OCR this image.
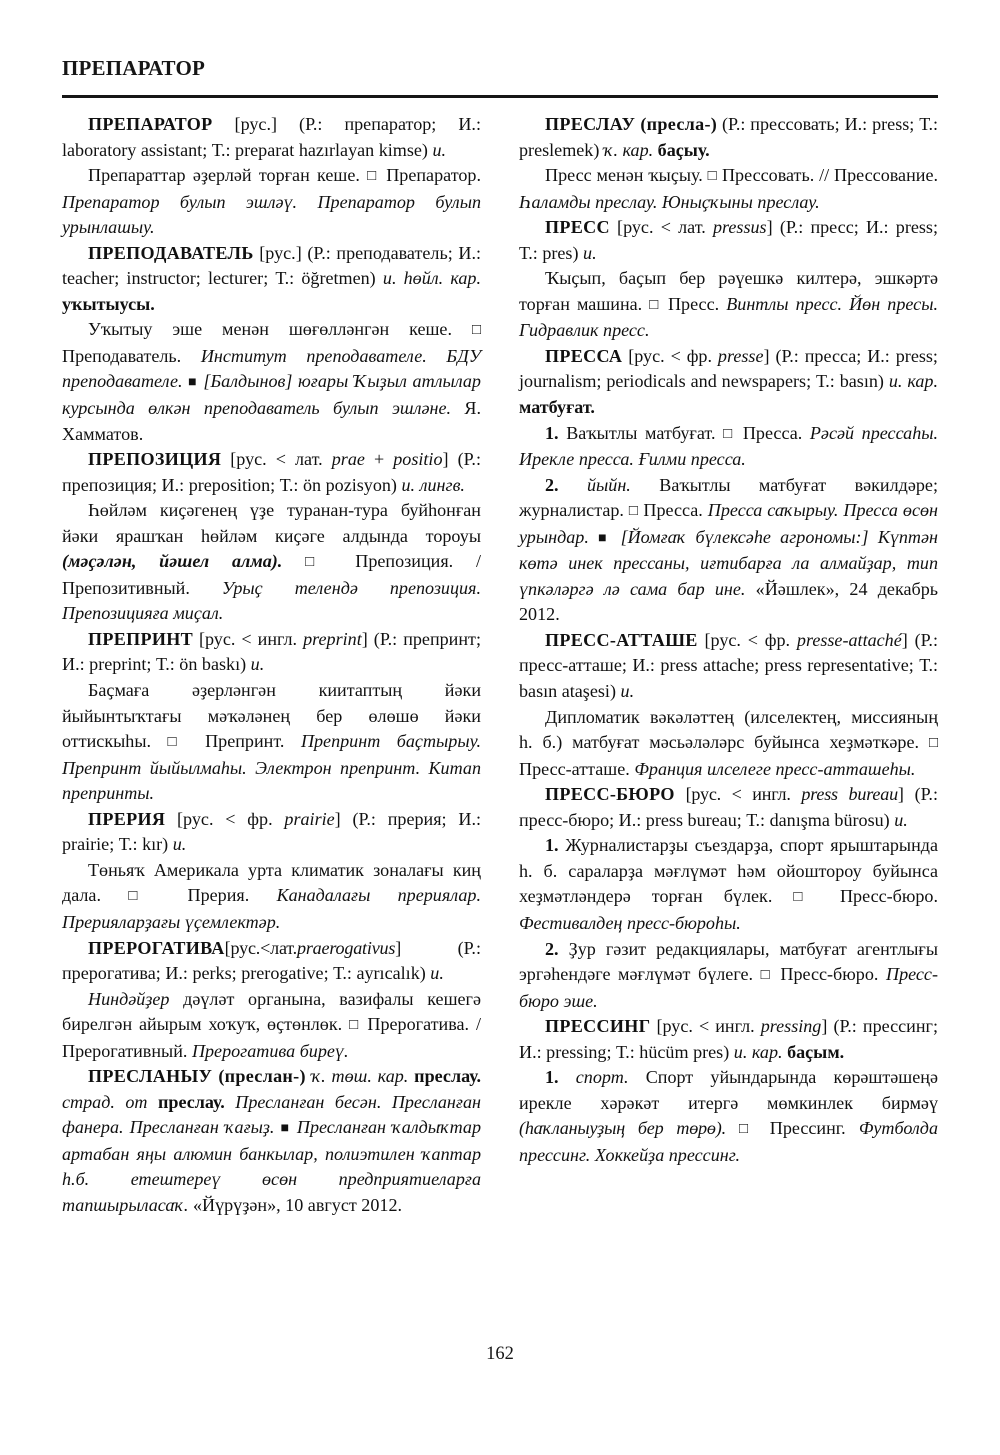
ПРЕПАРАТОР

ПРЕПАРАТОР [рус.] (Р.: препаратор; И.: laboratory assistant; Т.: preparat hazırlayan kimse) и.

Препараттар әҙерләй торған кеше. □ Препаратор. Препаратор булып эшләү. Препаратор булып урынлашыу.

ПРЕПОДАВАТЕЛЬ [рус.] (Р.: преподаватель; И.: teacher; instructor; lecturer; Т.: öğretmen) и. һөйл. кар. уҡытыусы.

Уҡытыу эше менән шөғөлләнгән кеше. □ Преподаватель. Институт преподавателе. БДУ преподавателе. ■ [Балдынов] юғары Ҡыҙыл атлылар курсында өлкән преподаватель булып эшләне. Я. Хамматов.

ПРЕПОЗИЦИЯ [рус. < лат. prae + positio] (Р.: препозиция; И.: preposition; Т.: ön pozisyon) и. лингв.

Һөйләм киҫәгенең үҙе туранан-тура буйһонған йәки ярашҡан һөйләм киҫәге алдында тороуы (мәҫәлән, йәшел алма). □	Препозиция. / Препозитивный. Урыҫ телендә препозиция. Препозицияға миҫал.

ПРЕПРИНТ [рус. < ингл. preprint] (Р.: препринт; И.: preprint; Т.: ön baskı) и.

Баҫмаға әҙерләнгән киитаптың йәки йыйынтыҡтағы мәҡәләнең бер өлөшө йәки оттискыһы. □	Препринт. Препринт баҫтырыу. Препринт йыйылмаһы. Электрон препринт. Китап препринты.

ПРЕРИЯ [рус. < фр. prairie] (Р.: прерия; И.: prairie; Т.: kır) и.

Төньяҡ Америкала урта климатик зоналағы киң дала. □	Прерия. Канадалағы прериялар. Прерияларҙағы үҫемлектәр.

ПРЕРОГАТИВА[рус.<лат.praerogativus]	(Р.: прерогатива; И.: perks; prerogative; Т.: ayrıcalık) и.

Ниндәйҙер дәүләт органына, вазифалы кешегә бирелгән айырым хоҡуҡ, өҫтөнлөк. □ Прерогатива. / Прерогативный. Прерогатива биреү.

ПРЕСЛАНЫУ (преслан-) ҡ. төш. кар. преслау. страд. от преслау. Пресланған бесән. Пресланған фанера. Пресланған ҡағыҙ. ■ Пресланған ҡалдыҡтар артабан яңы алюмин банкылар, полиэтилен ҡаптар һ.б. етештереү өсөн предприятиеларға тапшырыласаҡ. «Йүрүҙән», 10 август 2012.

ПРЕСЛАУ (пресла-) (Р.: прессовать; И.: press; Т.: preslemek) ҡ. кар. баҫыу.

Пресс менән ҡыҫыу. □ Прессовать. // Прессование. Һаламды преслау. Юныҫҡыны преслау.

ПРЕСС [рус. < лат. pressus] (Р.: пресс; И.: press; Т.: pres) и.

Ҡыҫып, баҫып бер рәүешкә килтерә, эшкәртә торған машина. □ Пресс. Винтлы пресс. Йөн пресы. Гидравлик пресс.

ПРЕССА [рус. < фр. presse] (Р.: пресса; И.: press; journalism; periodicals and newspapers; Т.: basın) и. кар. матбуғат.

1. Ваҡытлы матбуғат. □ Пресса. Рәсәй прессаһы. Ирекле пресса. Ғилми пресса.

2. йыйн. Ваҡытлы матбуғат вәкилдәре; журналистар. □ Пресса. Пресса саҡырыу. Пресса өсөн урындар. ■ [Йомғаҡ бүлексәһе агрономы:] Күптән көтә инек прессаны, иғтибарға ла алмайҙар, тип үпкәләргә лә сама бар ине. «Йәшлек», 24 декабрь 2012.

ПРЕСС-АТТАШЕ [рус. < фр. presse-attaché] (Р.: пресс-атташе; И.: press attache; press representative; Т.: basın ataşesi) и.

Дипломатик вәкәләттең (илселектең, миссияның һ. б.) матбуғат мәсьәләләрc буйынса хеҙмәткәре. □ Пресс-атташе. Франция илселеге пресс-атташеһы.

ПРЕСС-БЮРО [рус. < ингл. press bureau] (Р.: пресс-бюро; И.: press bureau; Т.: danışma bürosu) и.

1. Журналистарҙы съездарҙа, спорт ярыштарында һ. б. сараларҙа мәғлүмәт һәм ойоштороу буйынса хеҙмәтләндерә торған бүлек. □	Пресс-бюро. Фестивалдең пресс-бюроһы.

2. Ҙур гәзит редакциялары, матбуғат агентлығы эргәһендәге мәғлүмәт бүлеге. □ Пресс-бюро. Пресс-бюро эше.

ПРЕССИНГ [рус. < ингл. pressing] (Р.: прессинг; И.: pressing; Т.: hücüm pres) и. кар. баҫым.

1. спорт. Спорт уйындарында көрәштәшеңә ирекле хәрәкәт итергә мөмкинлек бирмәү (һаҡланыуҙың бер төрө). □ Прессинг. Футболда прессинг. Хоккейҙа прессинг.

162
